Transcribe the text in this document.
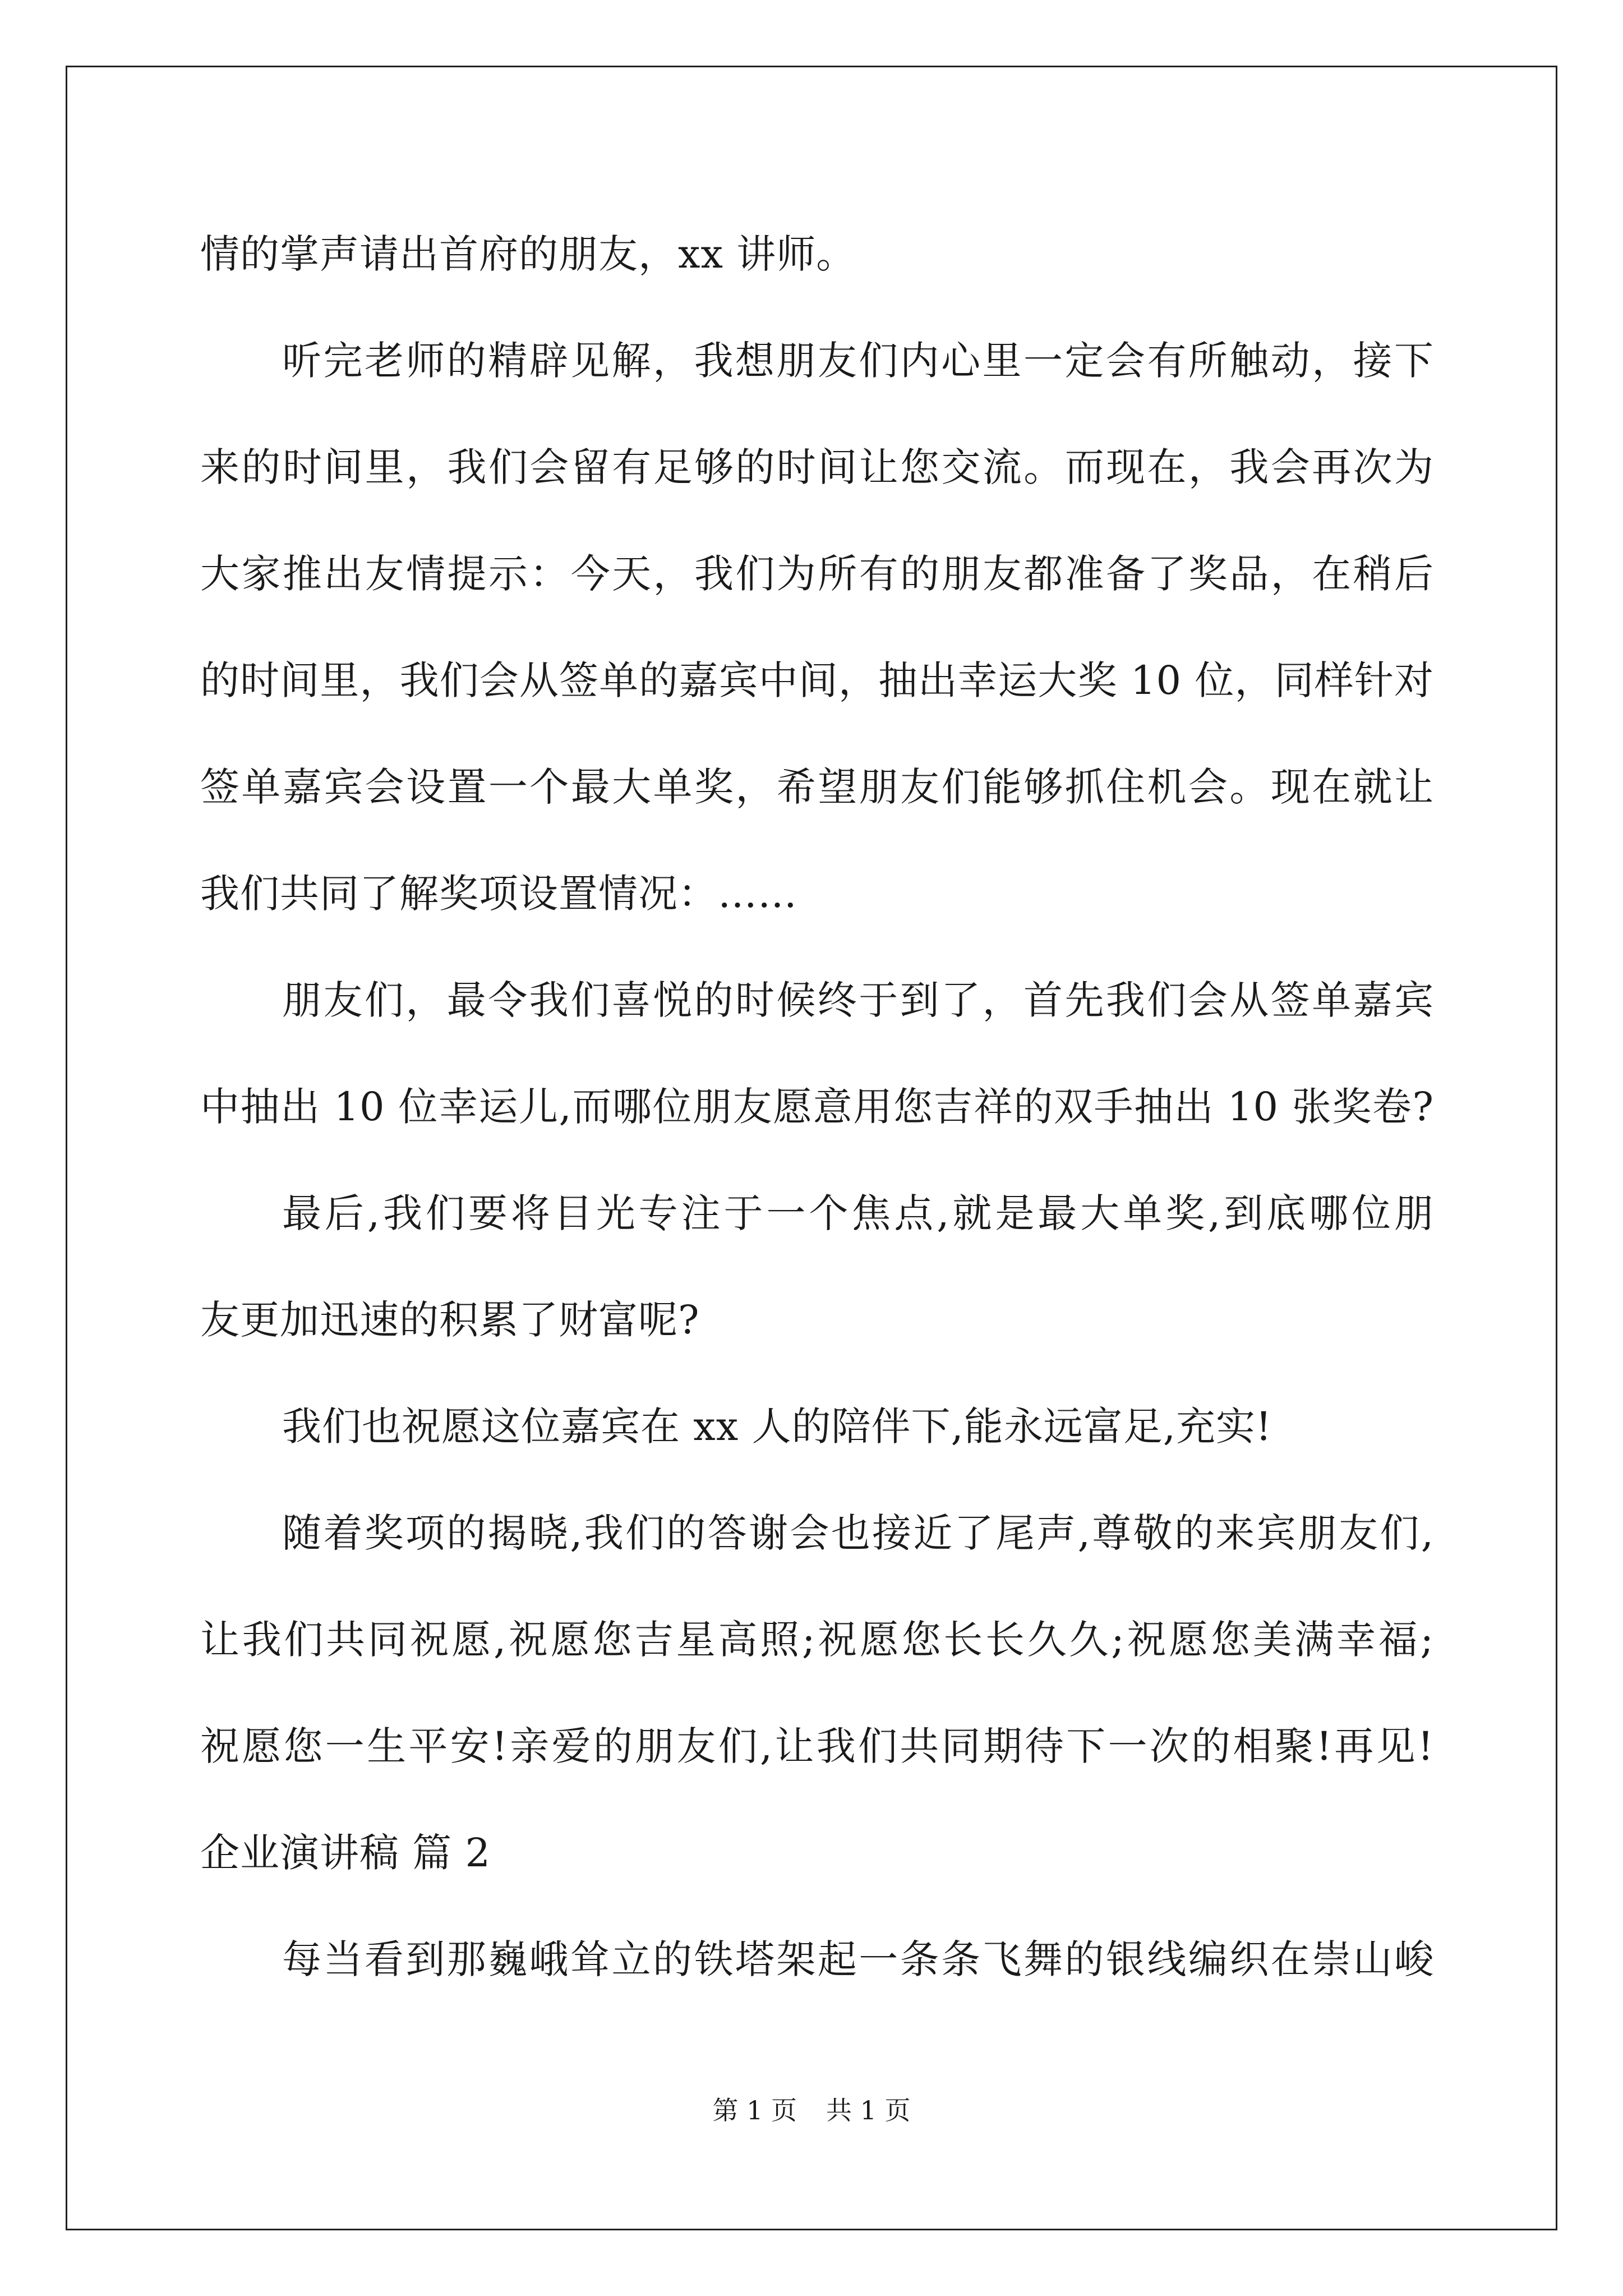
情的掌声请出首府的朋友，xx 讲师。
听完老师的精辟见解，我想朋友们内心里一定会有所触动，接下
来的时间里，我们会留有足够的时间让您交流。而现在，我会再次为
大家推出友情提示：今天，我们为所有的朋友都准备了奖品，在稍后
的时间里，我们会从签单的嘉宾中间，抽出幸运大奖 10 位，同样针对
签单嘉宾会设置一个最大单奖，希望朋友们能够抓住机会。现在就让
我们共同了解奖项设置情况：……
朋友们，最令我们喜悦的时候终于到了，首先我们会从签单嘉宾
中抽出 10 位幸运儿,而哪位朋友愿意用您吉祥的双手抽出 10 张奖卷?
最后,我们要将目光专注于一个焦点,就是最大单奖,到底哪位朋
友更加迅速的积累了财富呢?
我们也祝愿这位嘉宾在 xx 人的陪伴下,能永远富足,充实!
随着奖项的揭晓,我们的答谢会也接近了尾声,尊敬的来宾朋友们,
让我们共同祝愿,祝愿您吉星高照;祝愿您长长久久;祝愿您美满幸福;
祝愿您一生平安!亲爱的朋友们,让我们共同期待下一次的相聚!再见!
企业演讲稿 篇 2
每当看到那巍峨耸立的铁塔架起一条条飞舞的银线编织在崇山峻
第 1 页 共 1 页
